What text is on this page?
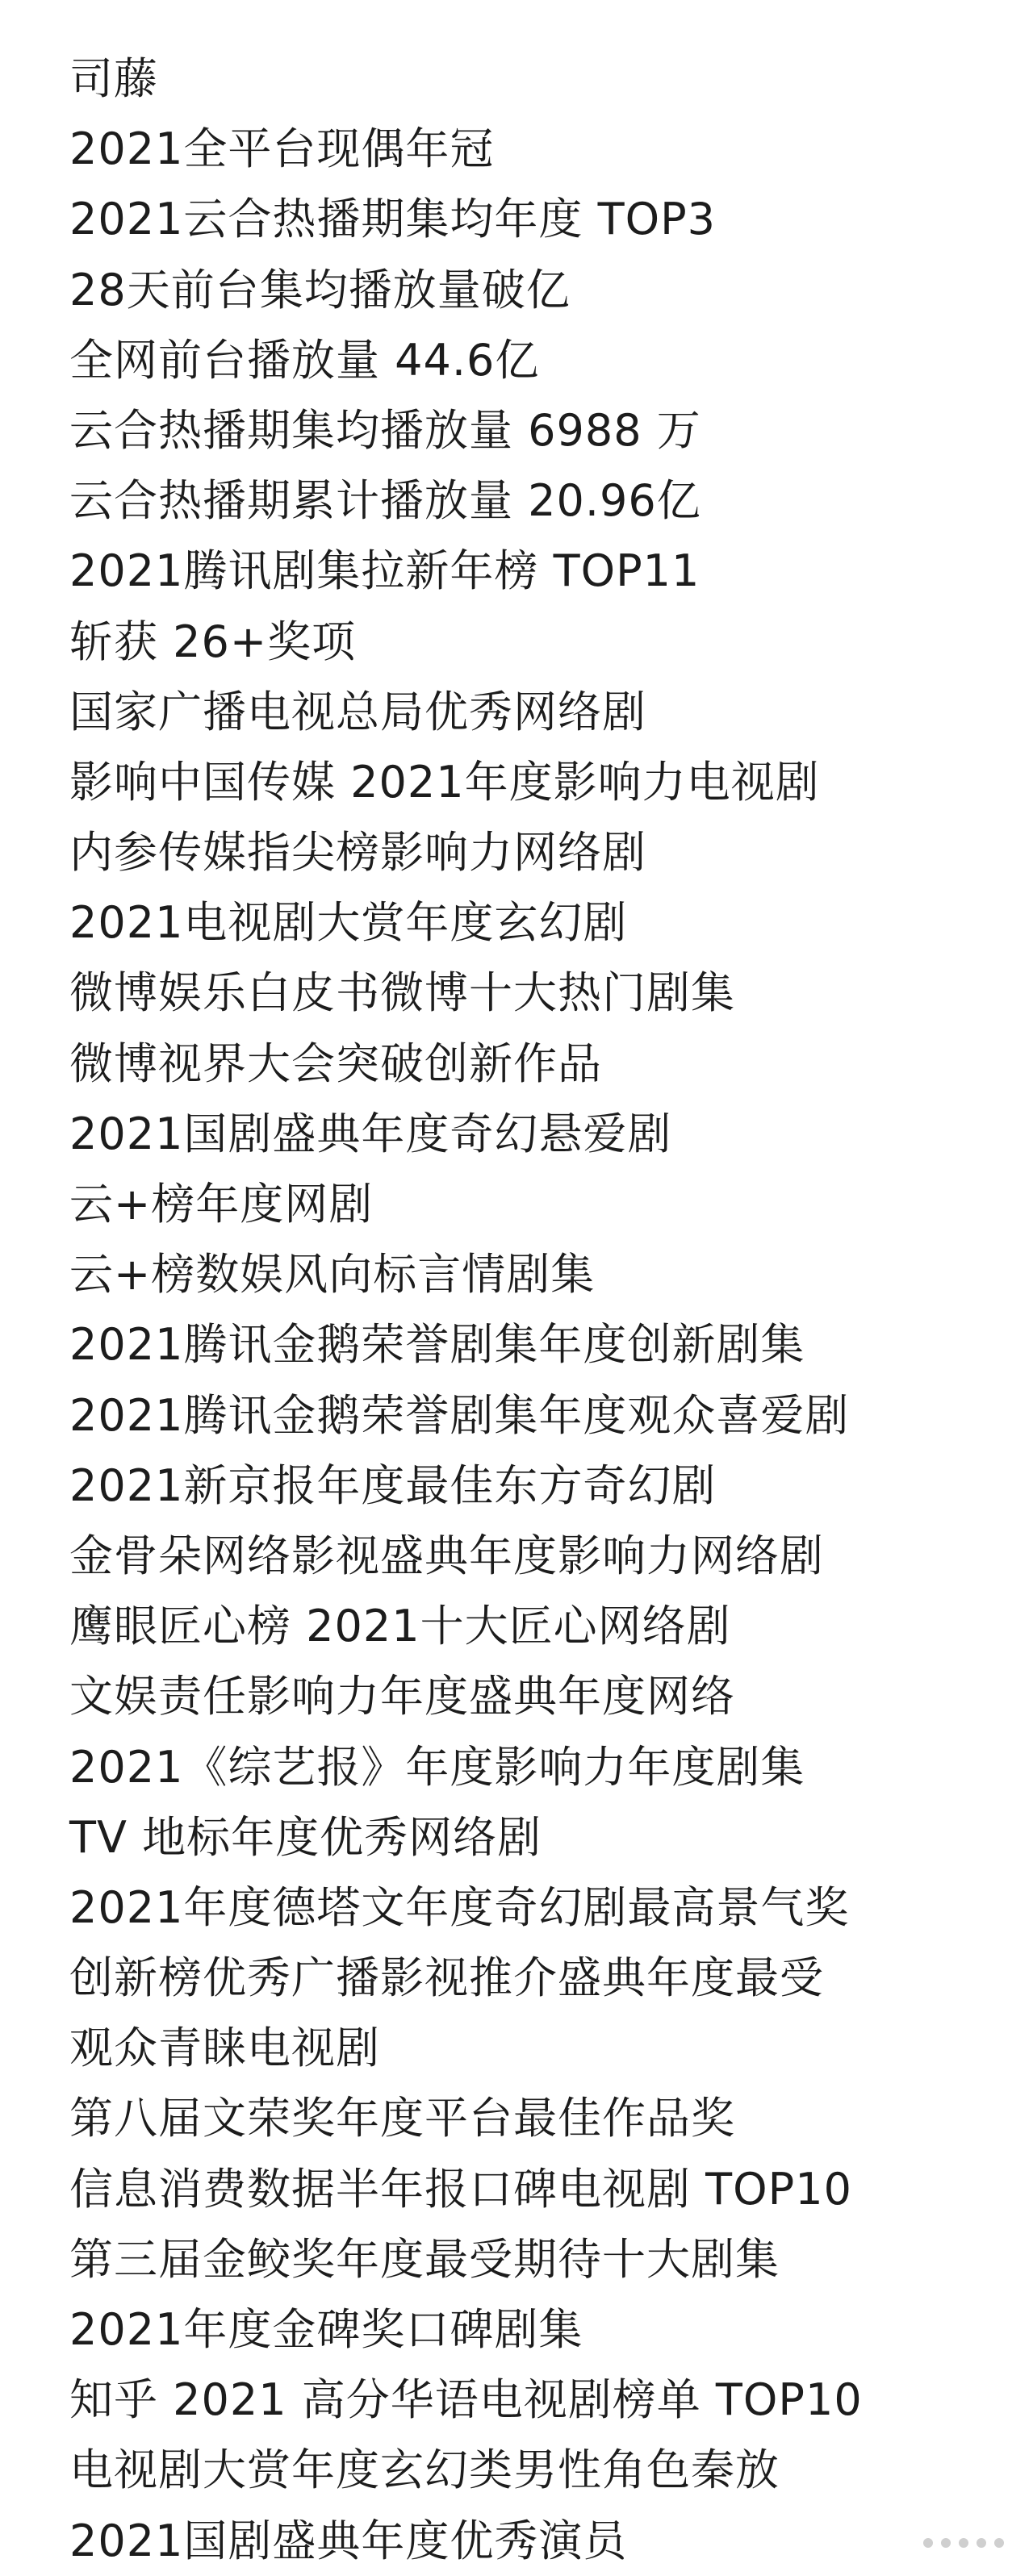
司藤
2021全平台现偶年冠
2021云合热播期集均年度 TOP3
28天前台集均播放量破亿
全网前台播放量 44.6亿
云合热播期集均播放量 6988 万
云合热播期累计播放量 20.96亿
2021腾讯剧集拉新年榜 TOP11
斩获 26+奖项
国家广播电视总局优秀网络剧
影响中国传媒 2021年度影响力电视剧
内参传媒指尖榜影响力网络剧
2021电视剧大赏年度玄幻剧
微博娱乐白皮书微博十大热门剧集
微博视界大会突破创新作品
2021国剧盛典年度奇幻悬爱剧
云+榜年度网剧
云+榜数娱风向标言情剧集
2021腾讯金鹅荣誉剧集年度创新剧集
2021腾讯金鹅荣誉剧集年度观众喜爱剧
2021新京报年度最佳东方奇幻剧
金骨朵网络影视盛典年度影响力网络剧
鹰眼匠心榜 2021十大匠心网络剧
文娱责任影响力年度盛典年度网络
2021《综艺报》年度影响力年度剧集
TV 地标年度优秀网络剧
2021年度德塔文年度奇幻剧最高景气奖
创新榜优秀广播影视推介盛典年度最受
观众青睐电视剧
第八届文荣奖年度平台最佳作品奖
信息消费数据半年报口碑电视剧 TOP10
第三届金鲛奖年度最受期待十大剧集
2021年度金碑奖口碑剧集
知乎 2021 高分华语电视剧榜单 TOP10
电视剧大赏年度玄幻类男性角色秦放
2021国剧盛典年度优秀演员
